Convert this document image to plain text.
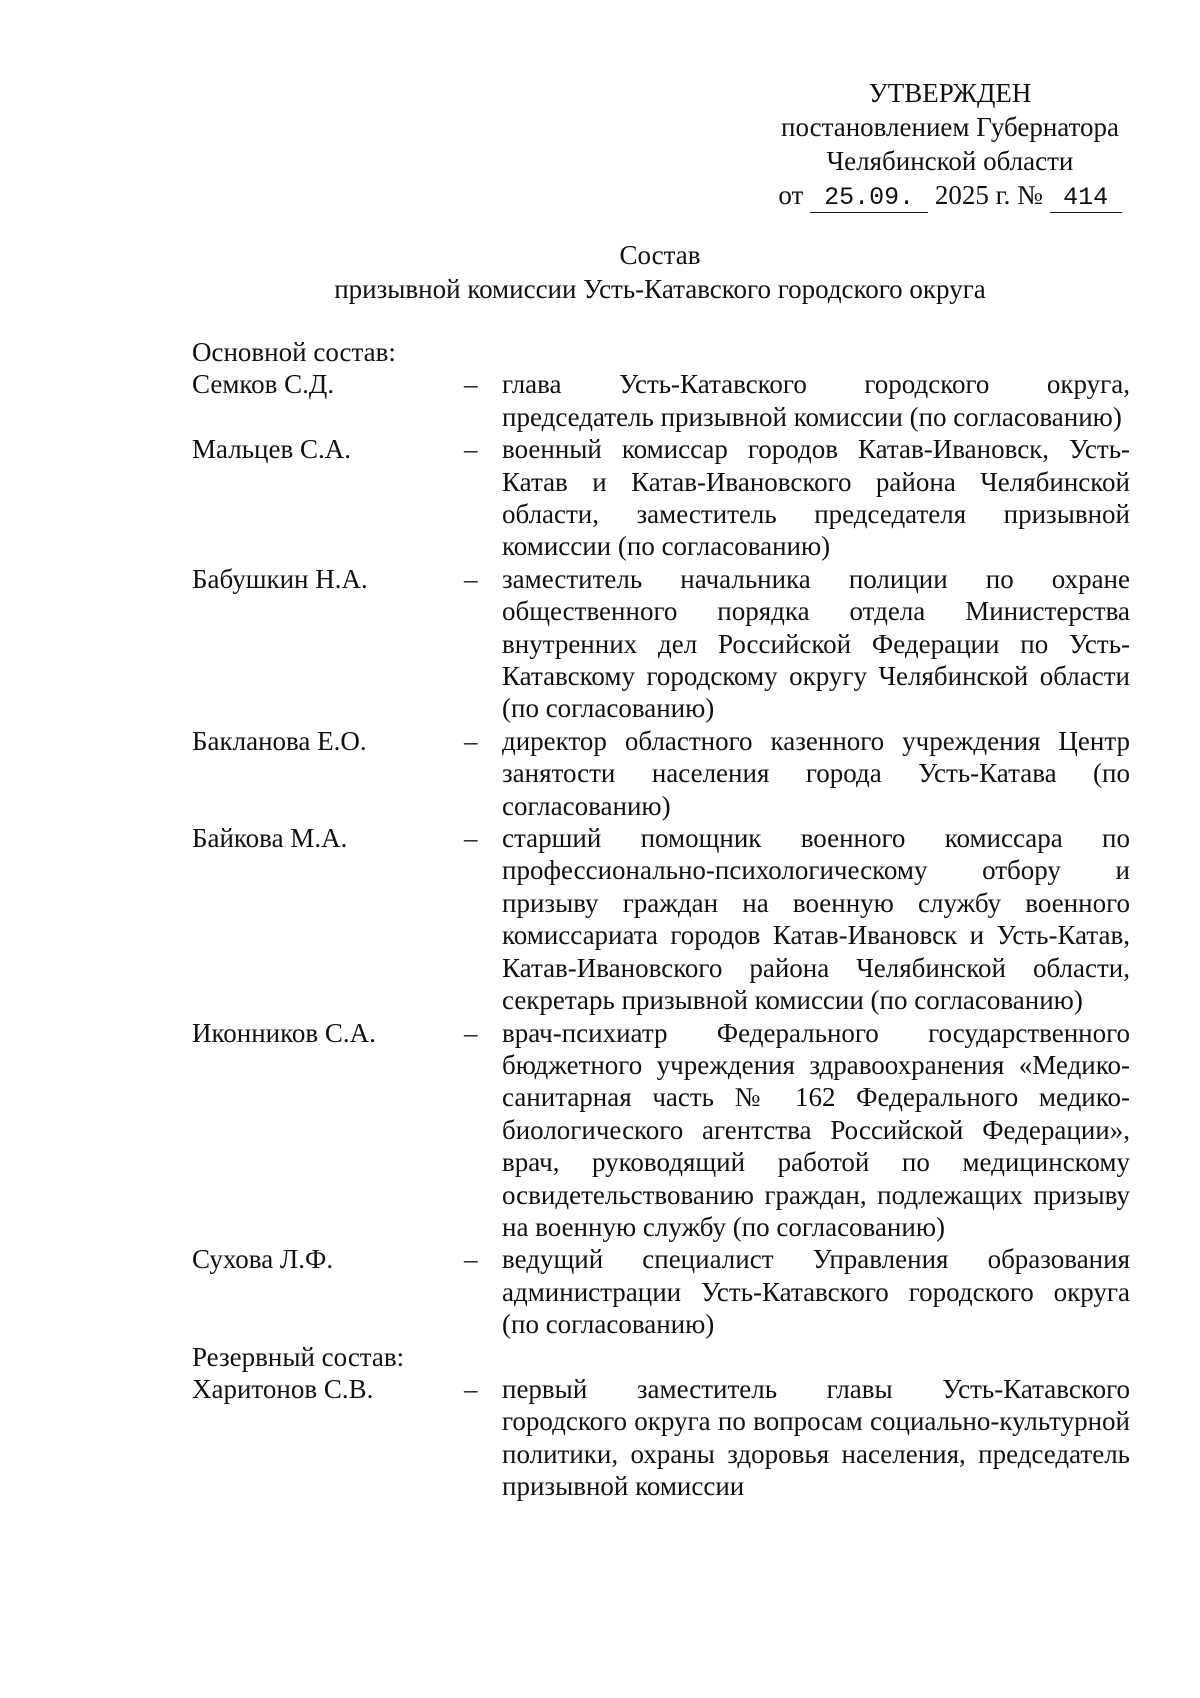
УТВЕРЖДЕН
постановлением Губернатора
Челябинской области
от 25.09. 2025 г. № 414
Состав
призывной комиссии Усть-Катавского городского округа
Основной состав:
Семков С.Д.	– глава Усть-Катавского городского округа, председатель призывной комиссии (по согласованию)
Мальцев С.А.	– военный комиссар городов Катав-Ивановск, Усть-Катав и Катав-Ивановского района Челябинской области, заместитель председателя призывной комиссии (по согласованию)
Бабушкин Н.А.	– заместитель начальника полиции по охране общественного порядка отдела Министерства внутренних дел Российской Федерации по Усть-Катавскому городскому округу Челябинской области (по согласованию)
Бакланова Е.О.	– директор областного казенного учреждения Центр занятости населения города Усть-Катава (по согласованию)
Байкова М.А.	– старший помощник военного комиссара по профессионально-психологическому отбору и призыву граждан на военную службу военного комиссариата городов Катав-Ивановск и Усть-Катав, Катав-Ивановского района Челябинской области, секретарь призывной комиссии (по согласованию)
Иконников С.А.	– врач-психиатр Федерального государственного бюджетного учреждения здравоохранения «Медико-санитарная часть № 162 Федерального медико-биологического агентства Российской Федерации», врач, руководящий работой по медицинскому освидетельствованию граждан, подлежащих призыву на военную службу (по согласованию)
Сухова Л.Ф.	– ведущий специалист Управления образования администрации Усть-Катавского городского округа (по согласованию)
Резервный состав:
Харитонов С.В.	– первый заместитель главы Усть-Катавского городского округа по вопросам социально-культурной политики, охраны здоровья населения, председатель призывной комиссии
